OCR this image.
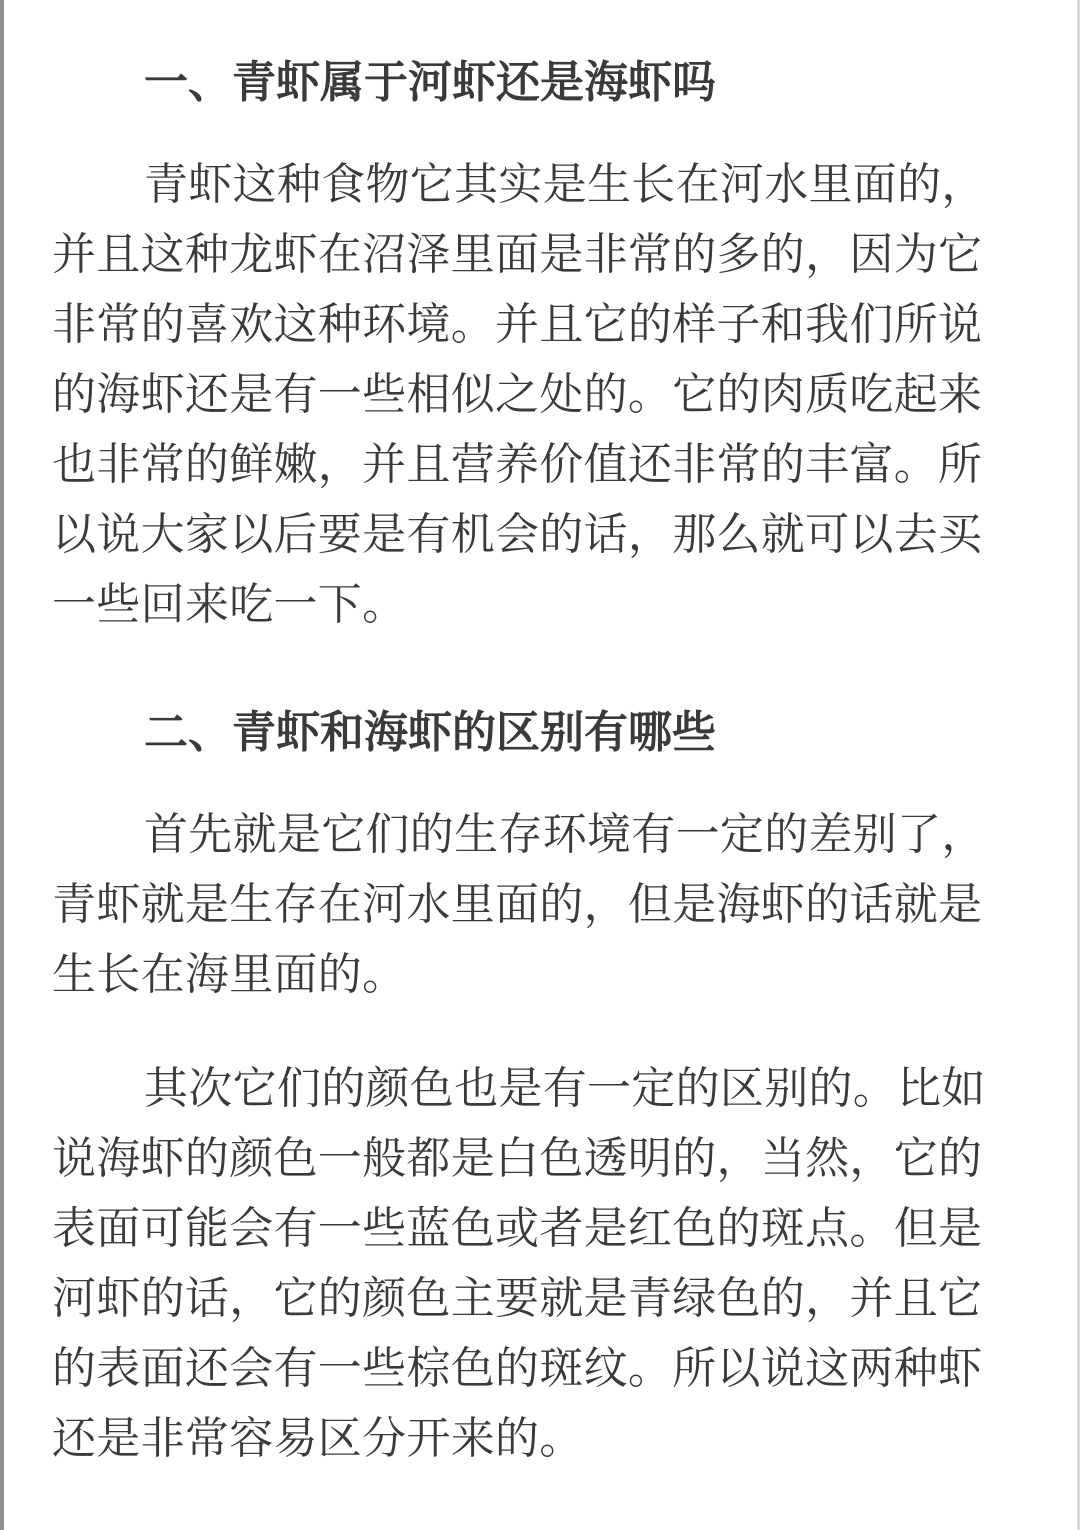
一、青虾属于河虾还是海虾吗

青虾这种食物它其实是生长在河水里面的，并且这种龙虾在沼泽里面是非常的多的，因为它非常的喜欢这种环境。并且它的样子和我们所说的海虾还是有一些相似之处的。它的肉质吃起来也非常的鲜嫩，并且营养价值还非常的丰富。所以说大家以后要是有机会的话，那么就可以去买一些回来吃一下。

二、青虾和海虾的区别有哪些

首先就是它们的生存环境有一定的差别了，青虾就是生存在河水里面的，但是海虾的话就是生长在海里面的。

其次它们的颜色也是有一定的区别的。比如说海虾的颜色一般都是白色透明的，当然，它的表面可能会有一些蓝色或者是红色的斑点。但是河虾的话，它的颜色主要就是青绿色的，并且它的表面还会有一些棕色的斑纹。所以说这两种虾还是非常容易区分开来的。
